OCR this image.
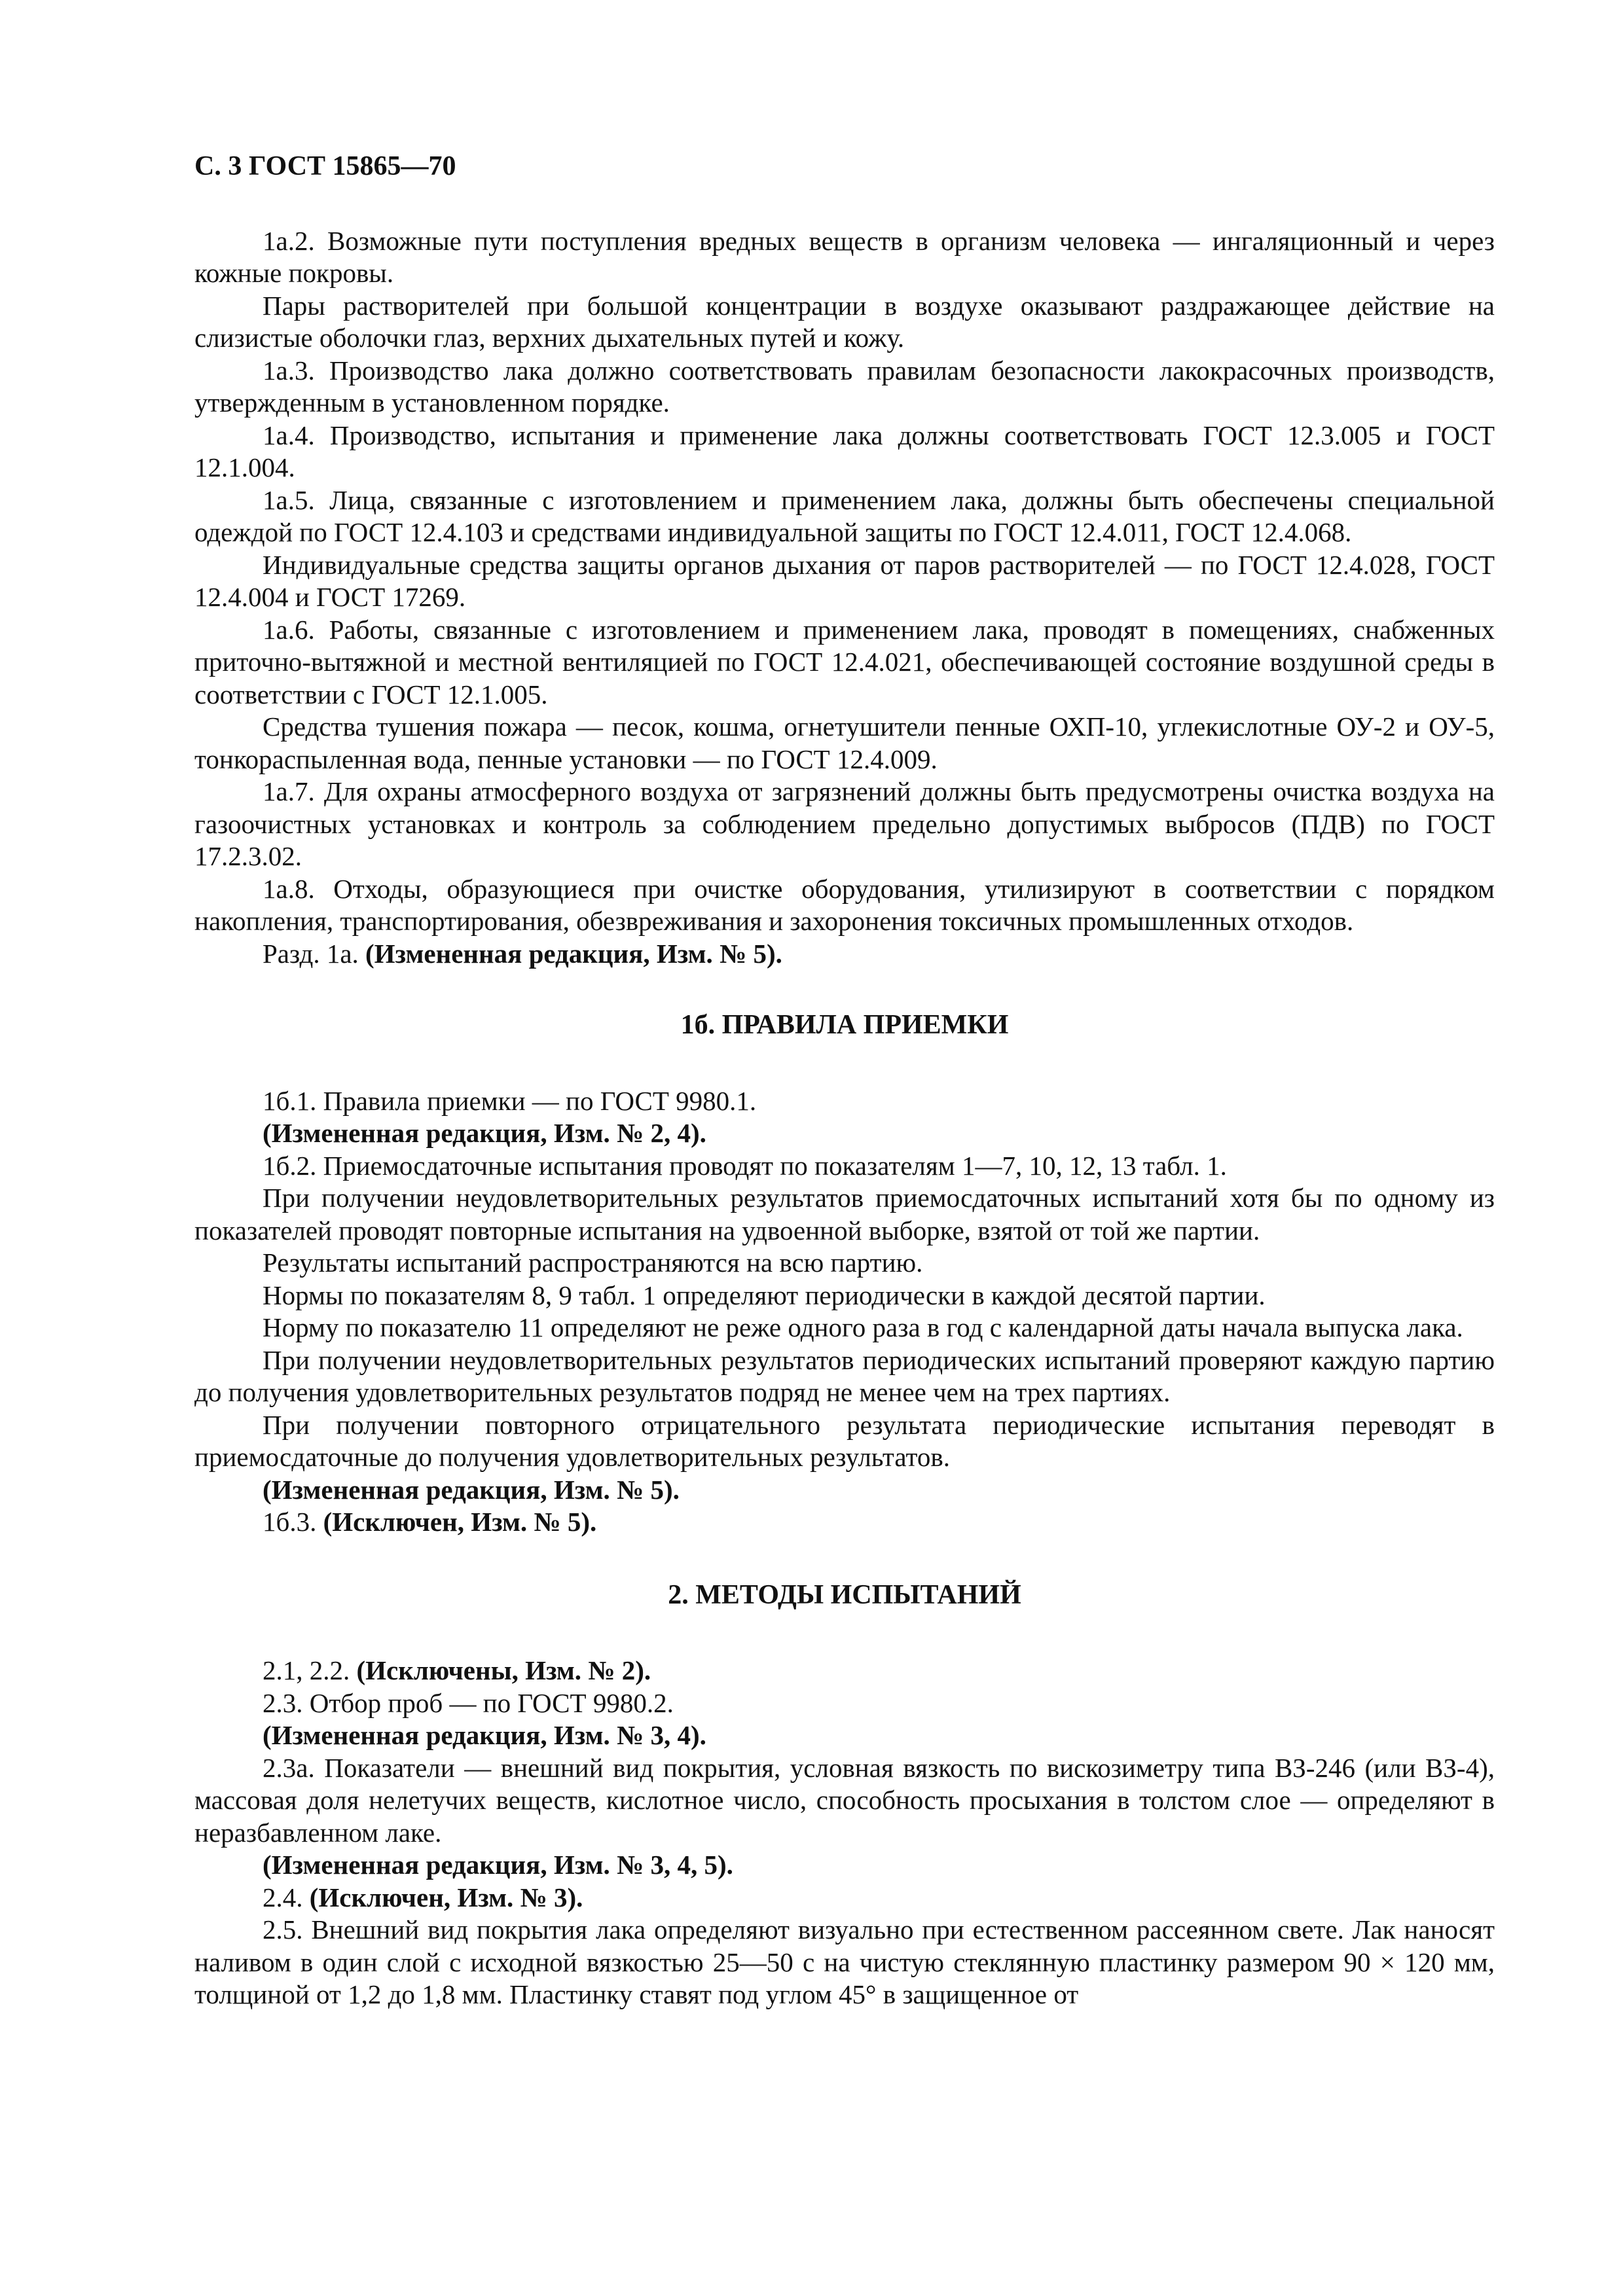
С. 3 ГОСТ 15865—70

1а.2. Возможные пути поступления вредных веществ в организм человека — ингаляционный и через кожные покровы.

Пары растворителей при большой концентрации в воздухе оказывают раздражающее действие на слизистые оболочки глаз, верхних дыхательных путей и кожу.

1а.3. Производство лака должно соответствовать правилам безопасности лакокрасочных производств, утвержденным в установленном порядке.

1а.4. Производство, испытания и применение лака должны соответствовать ГОСТ 12.3.005 и ГОСТ 12.1.004.

1а.5. Лица, связанные с изготовлением и применением лака, должны быть обеспечены специальной одеждой по ГОСТ 12.4.103 и средствами индивидуальной защиты по ГОСТ 12.4.011, ГОСТ 12.4.068.

Индивидуальные средства защиты органов дыхания от паров растворителей — по ГОСТ 12.4.028, ГОСТ 12.4.004 и ГОСТ 17269.

1а.6. Работы, связанные с изготовлением и применением лака, проводят в помещениях, снабженных приточно-вытяжной и местной вентиляцией по ГОСТ 12.4.021, обеспечивающей состояние воздушной среды в соответствии с ГОСТ 12.1.005.

Средства тушения пожара — песок, кошма, огнетушители пенные ОХП-10, углекислотные ОУ-2 и ОУ-5, тонкораспыленная вода, пенные установки — по ГОСТ 12.4.009.

1а.7. Для охраны атмосферного воздуха от загрязнений должны быть предусмотрены очистка воздуха на газоочистных установках и контроль за соблюдением предельно допустимых выбросов (ПДВ) по ГОСТ 17.2.3.02.

1а.8. Отходы, образующиеся при очистке оборудования, утилизируют в соответствии с порядком накопления, транспортирования, обезвреживания и захоронения токсичных промышленных отходов.

Разд. 1а. (Измененная редакция, Изм. № 5).

1б. ПРАВИЛА ПРИЕМКИ

1б.1. Правила приемки — по ГОСТ 9980.1.

(Измененная редакция, Изм. № 2, 4).

1б.2. Приемосдаточные испытания проводят по показателям 1—7, 10, 12, 13 табл. 1.

При получении неудовлетворительных результатов приемосдаточных испытаний хотя бы по одному из показателей проводят повторные испытания на удвоенной выборке, взятой от той же партии.

Результаты испытаний распространяются на всю партию.

Нормы по показателям 8, 9 табл. 1 определяют периодически в каждой десятой партии.

Норму по показателю 11 определяют не реже одного раза в год с календарной даты начала выпуска лака.

При получении неудовлетворительных результатов периодических испытаний проверяют каждую партию до получения удовлетворительных результатов подряд не менее чем на трех партиях.

При получении повторного отрицательного результата периодические испытания переводят в приемосдаточные до получения удовлетворительных результатов.

(Измененная редакция, Изм. № 5).

1б.3. (Исключен, Изм. № 5).

2. МЕТОДЫ ИСПЫТАНИЙ

2.1, 2.2. (Исключены, Изм. № 2).

2.3. Отбор проб — по ГОСТ 9980.2.

(Измененная редакция, Изм. № 3, 4).

2.3а. Показатели — внешний вид покрытия, условная вязкость по вискозиметру типа ВЗ-246 (или ВЗ-4), массовая доля нелетучих веществ, кислотное число, способность просыхания в толстом слое — определяют в неразбавленном лаке.

(Измененная редакция, Изм. № 3, 4, 5).

2.4. (Исключен, Изм. № 3).

2.5. Внешний вид покрытия лака определяют визуально при естественном рассеянном свете. Лак наносят наливом в один слой с исходной вязкостью 25—50 с на чистую стеклянную пластинку размером 90 × 120 мм, толщиной от 1,2 до 1,8 мм. Пластинку ставят под углом 45° в защищенное от
